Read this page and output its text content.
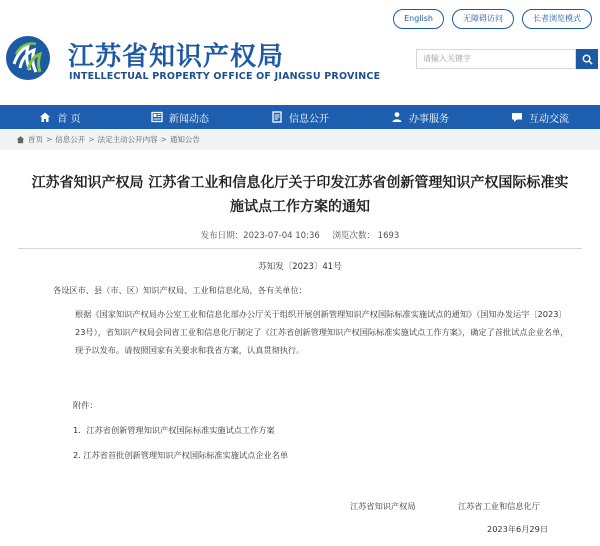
English	无障碍访问	长者浏览模式
江苏省知识产权局
INTELLECTUAL PROPERTY OFFICE OF JIANGSU PROVINCE
请输入关键字
首 页	新闻动态	信息公开	办事服务	互动交流
首页 > 信息公开 > 法定主动公开内容 > 通知公告
江苏省知识产权局 江苏省工业和信息化厅关于印发江苏省创新管理知识产权国际标准实施试点工作方案的通知
发布日期：2023-07-04 10:36 浏览次数： 1693
苏知发〔2023〕41号
各设区市、县（市、区）知识产权局、工业和信息化局，各有关单位：
根据《国家知识产权局办公室工业和信息化部办公厅关于组织开展创新管理知识产权国际标准实施试点的通知》（国知办发运字〔2023〕23号），省知识产权局会同省工业和信息化厅制定了《江苏省创新管理知识产权国际标准实施试点工作方案》，确定了首批试点企业名单，现予以发布。请按照国家有关要求和我省方案，认真贯彻执行。
附件：
1．江苏省创新管理知识产权国际标准实施试点工作方案
2. 江苏省首批创新管理知识产权国际标准实施试点企业名单
江苏省知识产权局	江苏省工业和信息化厅
2023年6月29日
